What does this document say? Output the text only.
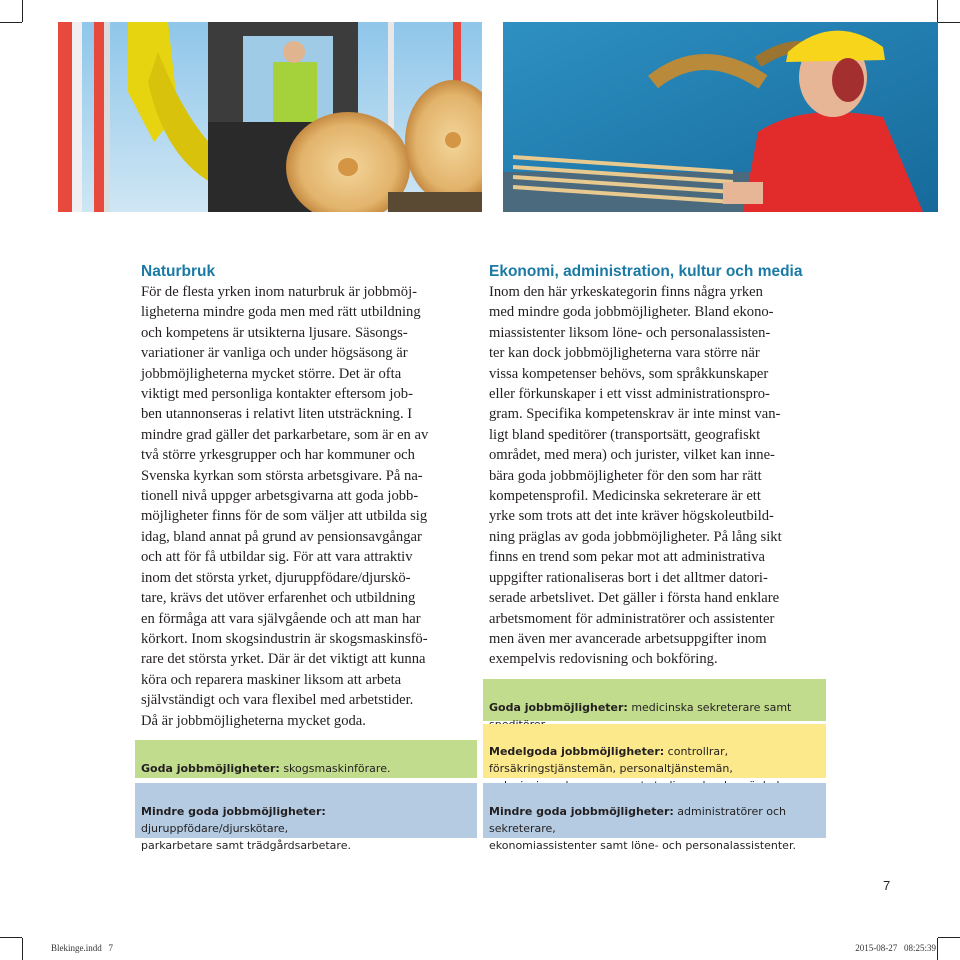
Naturbruk

För de flesta yrken inom naturbruk är jobbmöj-
ligheterna mindre goda men med rätt utbildning
och kompetens är utsikterna ljusare. Säsongs-
variationer är vanliga och under högsäsong är
jobbmöjligheterna mycket större. Det är ofta
viktigt med personliga kontakter eftersom job-
ben utannonseras i relativt liten utsträckning. I
mindre grad gäller det parkarbetare, som är en av
två större yrkesgrupper och har kommuner och
Svenska kyrkan som största arbetsgivare. På na-
tionell nivå uppger arbetsgivarna att goda jobb-
möjligheter finns för de som väljer att utbilda sig
idag, bland annat på grund av pensionsavgångar
och att för få utbildar sig. För att vara attraktiv
inom det största yrket, djuruppfödare/djurskö-
tare, krävs det utöver erfarenhet och utbildning
en förmåga att vara självgående och att man har
körkort. Inom skogsindustrin är skogsmaskinsfö-
rare det största yrket. Där är det viktigt att kunna
köra och reparera maskiner liksom att arbeta
självständigt och vara flexibel med arbetstider.
Då är jobbmöjligheterna mycket goda.

Goda jobbmöjligheter: skogsmaskinförare.

Mindre goda jobbmöjligheter: djuruppfödare/djurskötare,
parkarbetare samt trädgårdsarbetare.

Ekonomi, administration, kultur och media

Inom den här yrkeskategorin finns några yrken
med mindre goda jobbmöjligheter. Bland ekono-
miassistenter liksom löne- och personalassisten-
ter kan dock jobbmöjligheterna vara större när
vissa kompetenser behövs, som språkkunskaper
eller förkunskaper i ett visst administrationspro-
gram. Specifika kompetenskrav är inte minst van-
ligt bland speditörer (transportsätt, geografiskt
området, med mera) och jurister, vilket kan inne-
bära goda jobbmöjligheter för den som har rätt
kompetensprofil. Medicinska sekreterare är ett
yrke som trots att det inte kräver högskoleutbild-
ning präglas av goda jobbmöjligheter. På lång sikt
finns en trend som pekar mot att administrativa
uppgifter rationaliseras bort i det alltmer datori-
serade arbetslivet. Det gäller i första hand enklare
arbetsmoment för administratörer och assistenter
men även mer avancerade arbetsuppgifter inom
exempelvis redovisning och bokföring.

Goda jobbmöjligheter: medicinska sekreterare samt

Medelgoda jobbmöjligheter: controllrar,
försäkringstjänstemän, personaltjänstemän,

Mindre goda jobbmöjligheter: administratörer och sekreterare,
ekonomiassistenter samt löne- och personalassistenter.

7
Blekinge.indd   7	2015-08-27   08:25:39
